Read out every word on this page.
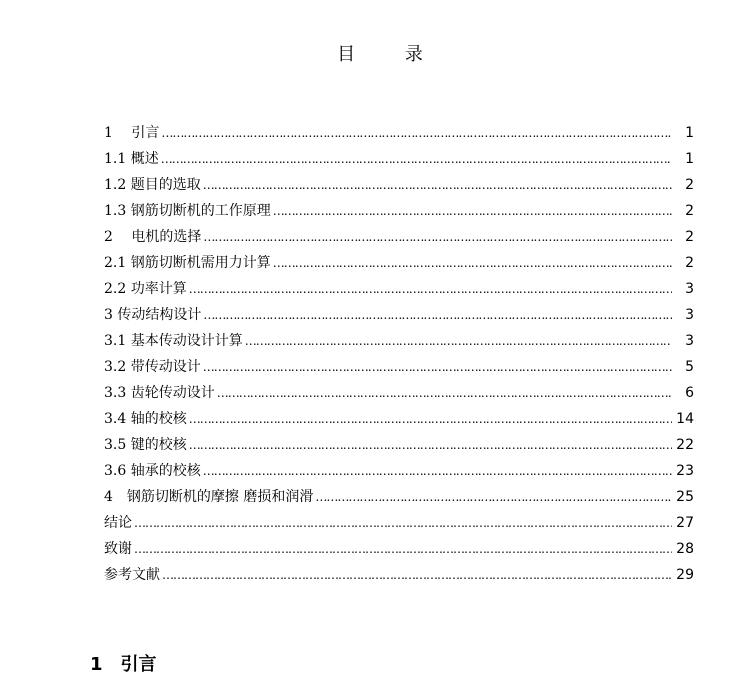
目 录
1　 引言 ……………………………………………………………………………………………………………………………………………………	1
1.1 概述 ……………………………………………………………………………………………………………………………………………………	1
1.2 题目的选取 ……………………………………………………………………………………………………………………………………………………	2
1.3 钢筋切断机的工作原理 ……………………………………………………………………………………………………………………………………………………	2
2　 电机的选择 ……………………………………………………………………………………………………………………………………………………	2
2.1 钢筋切断机需用力计算 ……………………………………………………………………………………………………………………………………………………	2
2.2 功率计算 ……………………………………………………………………………………………………………………………………………………	3
3 传动结构设计 ……………………………………………………………………………………………………………………………………………………	3
3.1 基本传动设计计算 ……………………………………………………………………………………………………………………………………………………	3
3.2 带传动设计 ……………………………………………………………………………………………………………………………………………………	5
3.3 齿轮传动设计 ……………………………………………………………………………………………………………………………………………………	6
3.4 轴的校核 ……………………………………………………………………………………………………………………………………………………	14
3.5 键的校核 ……………………………………………………………………………………………………………………………………………………	22
3.6 轴承的校核 ……………………………………………………………………………………………………………………………………………………	23
4　钢筋切断机的摩擦 磨损和润滑 ……………………………………………………………………………………………………………………………………………………	25
结论 ……………………………………………………………………………………………………………………………………………………	27
致谢 ……………………………………………………………………………………………………………………………………………………	28
参考文献 ……………………………………………………………………………………………………………………………………………………	29
1　引言
